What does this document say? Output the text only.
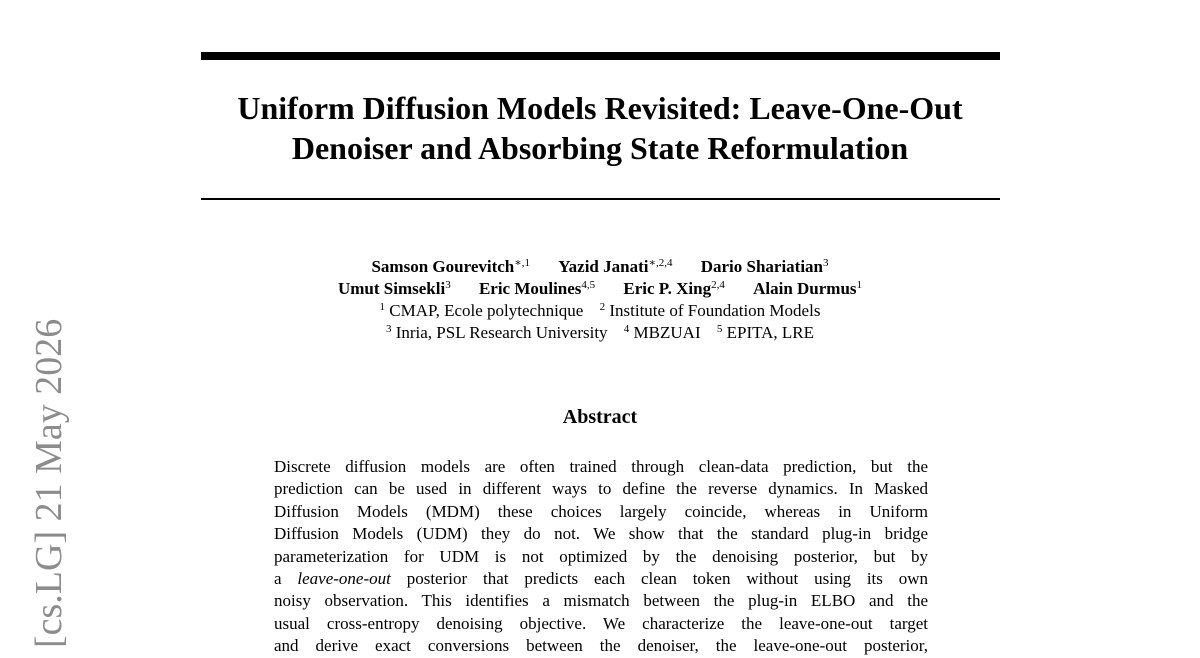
Uniform Diffusion Models Revisited: Leave-One-Out
Denoiser and Absorbing State Reformulation
Samson Gourevitch$^{∗,1}$ Yazid Janati$^{∗,2,4}$ Dario Shariatian$^3$
Umut Simsekli$^3$ Eric Moulines$^{4,5}$ Eric P. Xing$^{2,4}$ Alain Durmus$^1$
$^1$ CMAP, Ecole polytechnique $^2$ Institute of Foundation Models
$^3$ Inria, PSL Research University $^4$ MBZUAI $^5$ EPITA, LRE
Abstract
Discrete diffusion models are often trained through clean-data prediction, but the
prediction can be used in different ways to define the reverse dynamics. In Masked
Diffusion Models (MDM) these choices largely coincide, whereas in Uniform
Diffusion Models (UDM) they do not. We show that the standard plug-in bridge
parameterization for UDM is not optimized by the denoising posterior, but by
a leave-one-out posterior that predicts each clean token without using its own
noisy observation. This identifies a mismatch between the plug-in ELBO and the
usual cross-entropy denoising objective. We characterize the leave-one-out target
and derive exact conversions between the denoiser, the leave-one-out posterior,
[cs.LG] 21 May 2026
